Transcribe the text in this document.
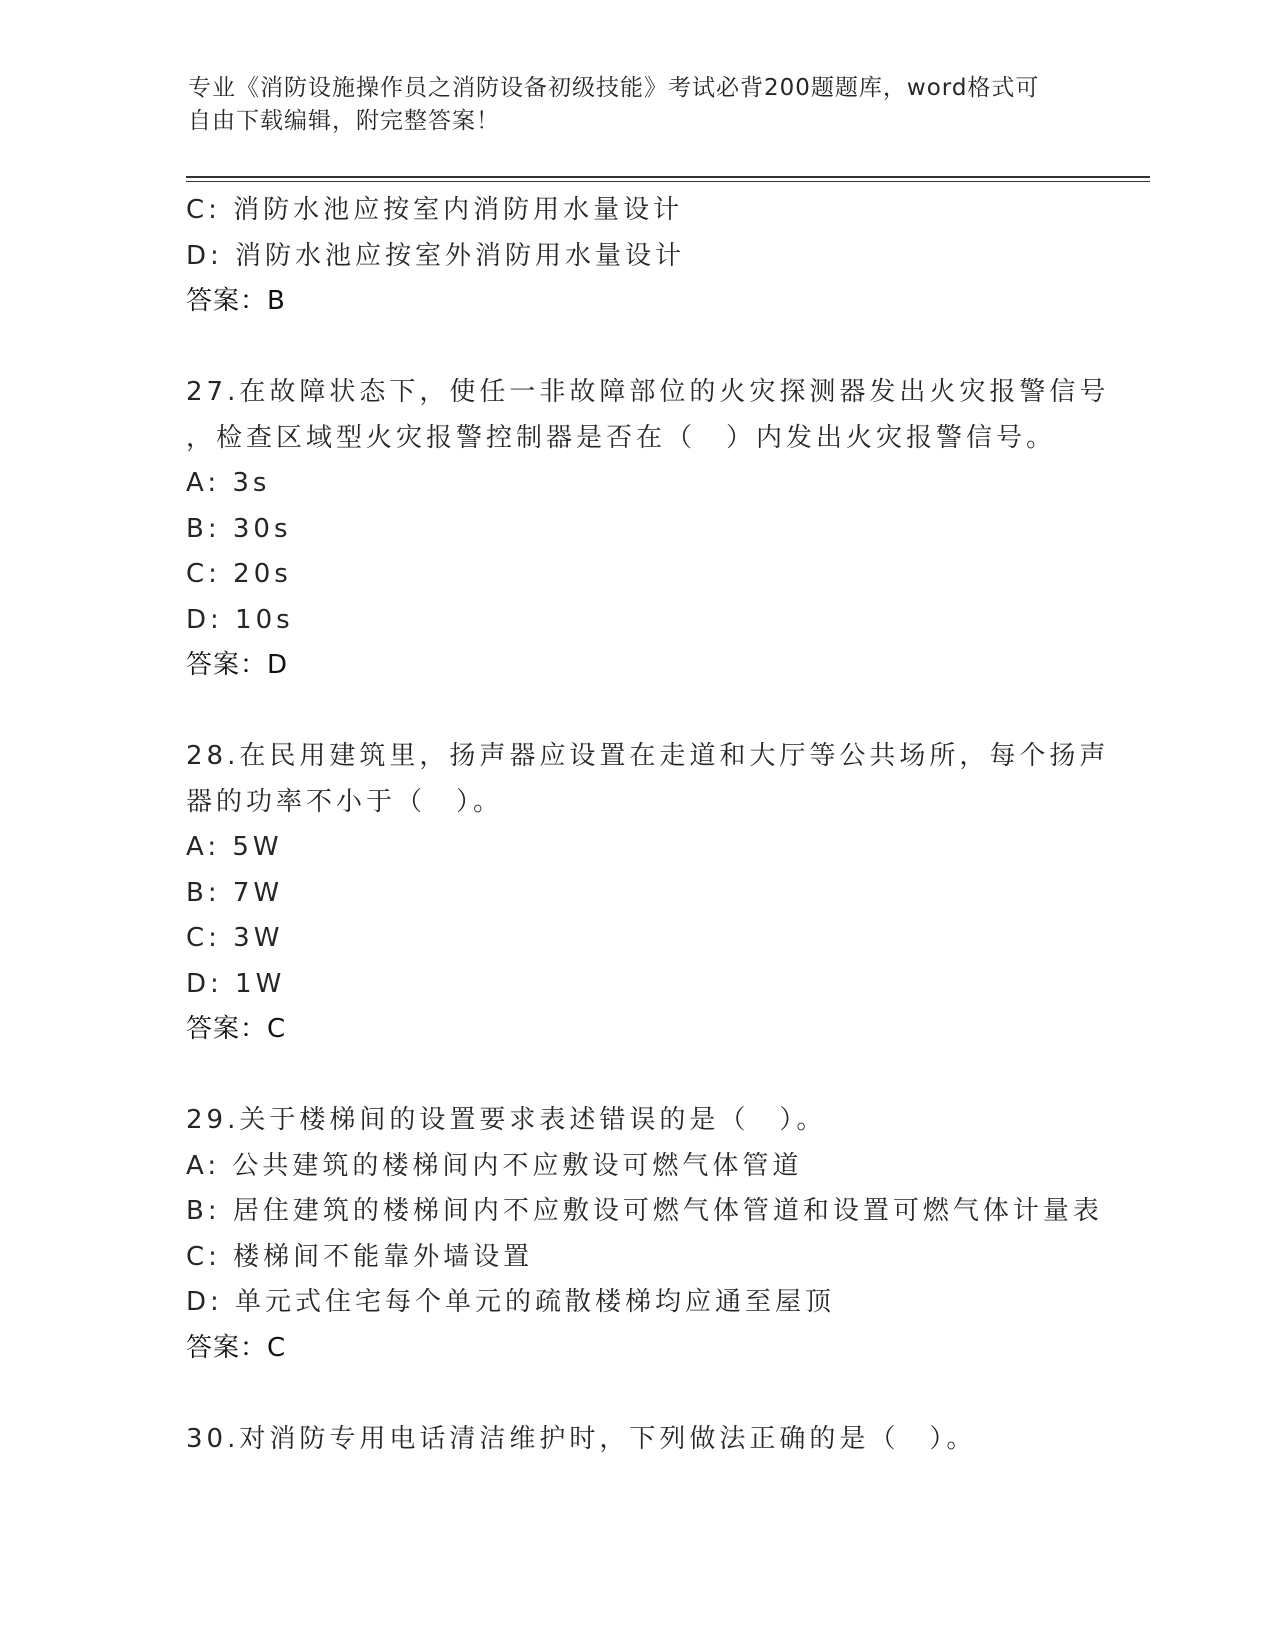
专业《消防设施操作员之消防设备初级技能》考试必背200题题库，word格式可
自由下载编辑，附完整答案！
C: 消防水池应按室内消防用水量设计
D: 消防水池应按室外消防用水量设计
答案：B
27.在故障状态下，使任一非故障部位的火灾探测器发出火灾报警信号
，检查区域型火灾报警控制器是否在（　）内发出火灾报警信号。
A: 3s
B: 30s
C: 20s
D: 10s
答案：D
28.在民用建筑里，扬声器应设置在走道和大厅等公共场所，每个扬声
器的功率不小于（　）。
A: 5W
B: 7W
C: 3W
D: 1W
答案：C
29.关于楼梯间的设置要求表述错误的是（　）。
A: 公共建筑的楼梯间内不应敷设可燃气体管道
B: 居住建筑的楼梯间内不应敷设可燃气体管道和设置可燃气体计量表
C: 楼梯间不能靠外墙设置
D: 单元式住宅每个单元的疏散楼梯均应通至屋顶
答案：C
30.对消防专用电话清洁维护时，下列做法正确的是（　）。
